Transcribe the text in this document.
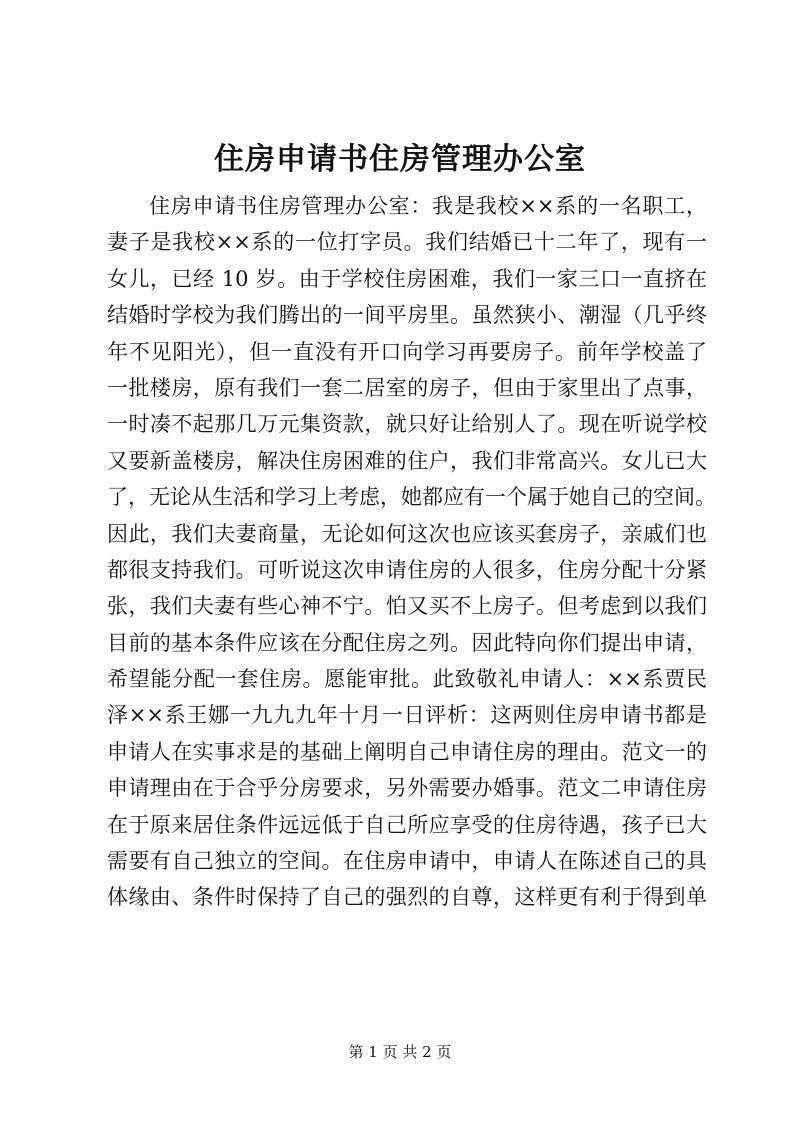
住房申请书住房管理办公室
住房申请书住房管理办公室：我是我校××系的一名职工，
妻子是我校××系的一位打字员。我们结婚已十二年了，现有一
女儿，已经 10 岁。由于学校住房困难，我们一家三口一直挤在
结婚时学校为我们腾出的一间平房里。虽然狭小、潮湿（几乎终
年不见阳光），但一直没有开口向学习再要房子。前年学校盖了
一批楼房，原有我们一套二居室的房子，但由于家里出了点事，
一时凑不起那几万元集资款，就只好让给别人了。现在听说学校
又要新盖楼房，解决住房困难的住户，我们非常高兴。女儿已大
了，无论从生活和学习上考虑，她都应有一个属于她自己的空间。
因此，我们夫妻商量，无论如何这次也应该买套房子，亲戚们也
都很支持我们。可听说这次申请住房的人很多，住房分配十分紧
张，我们夫妻有些心神不宁。怕又买不上房子。但考虑到以我们
目前的基本条件应该在分配住房之列。因此特向你们提出申请，
希望能分配一套住房。愿能审批。此致敬礼申请人：××系贾民
泽××系王娜一九九九年十月一日评析：这两则住房申请书都是
申请人在实事求是的基础上阐明自己申请住房的理由。范文一的
申请理由在于合乎分房要求，另外需要办婚事。范文二申请住房
在于原来居住条件远远低于自己所应享受的住房待遇，孩子已大
需要有自己独立的空间。在住房申请中，申请人在陈述自己的具
体缘由、条件时保持了自己的强烈的自尊，这样更有利于得到单
第 1 页 共 2 页
